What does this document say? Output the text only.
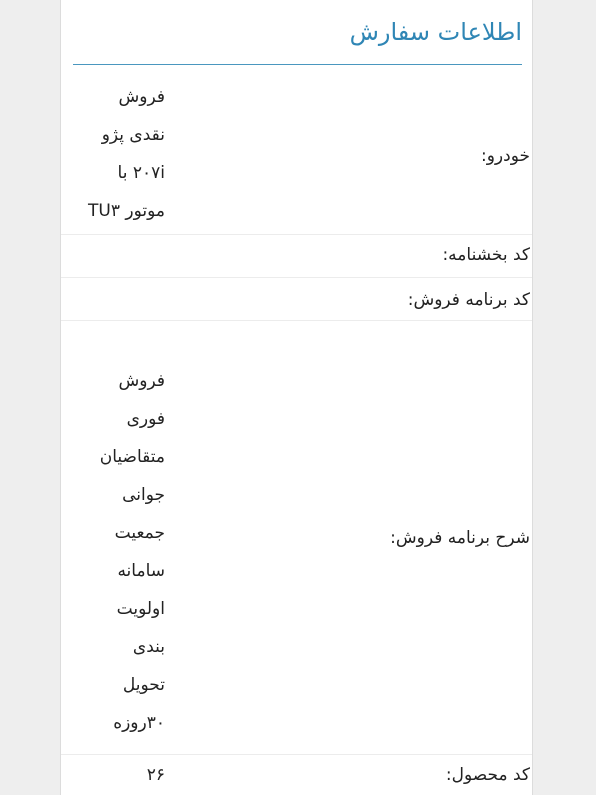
اطلاعات سفارش
فروش
نقدی پژو
۲۰۷i با
موتور TU۳
خودرو:
کد بخشنامه:
کد برنامه فروش:
فروش
فوری
متقاضیان
جوانی
جمعیت
سامانه
اولویت
بندی
تحویل
۳۰روزه
شرح برنامه فروش:
۲۶	کد محصول:
